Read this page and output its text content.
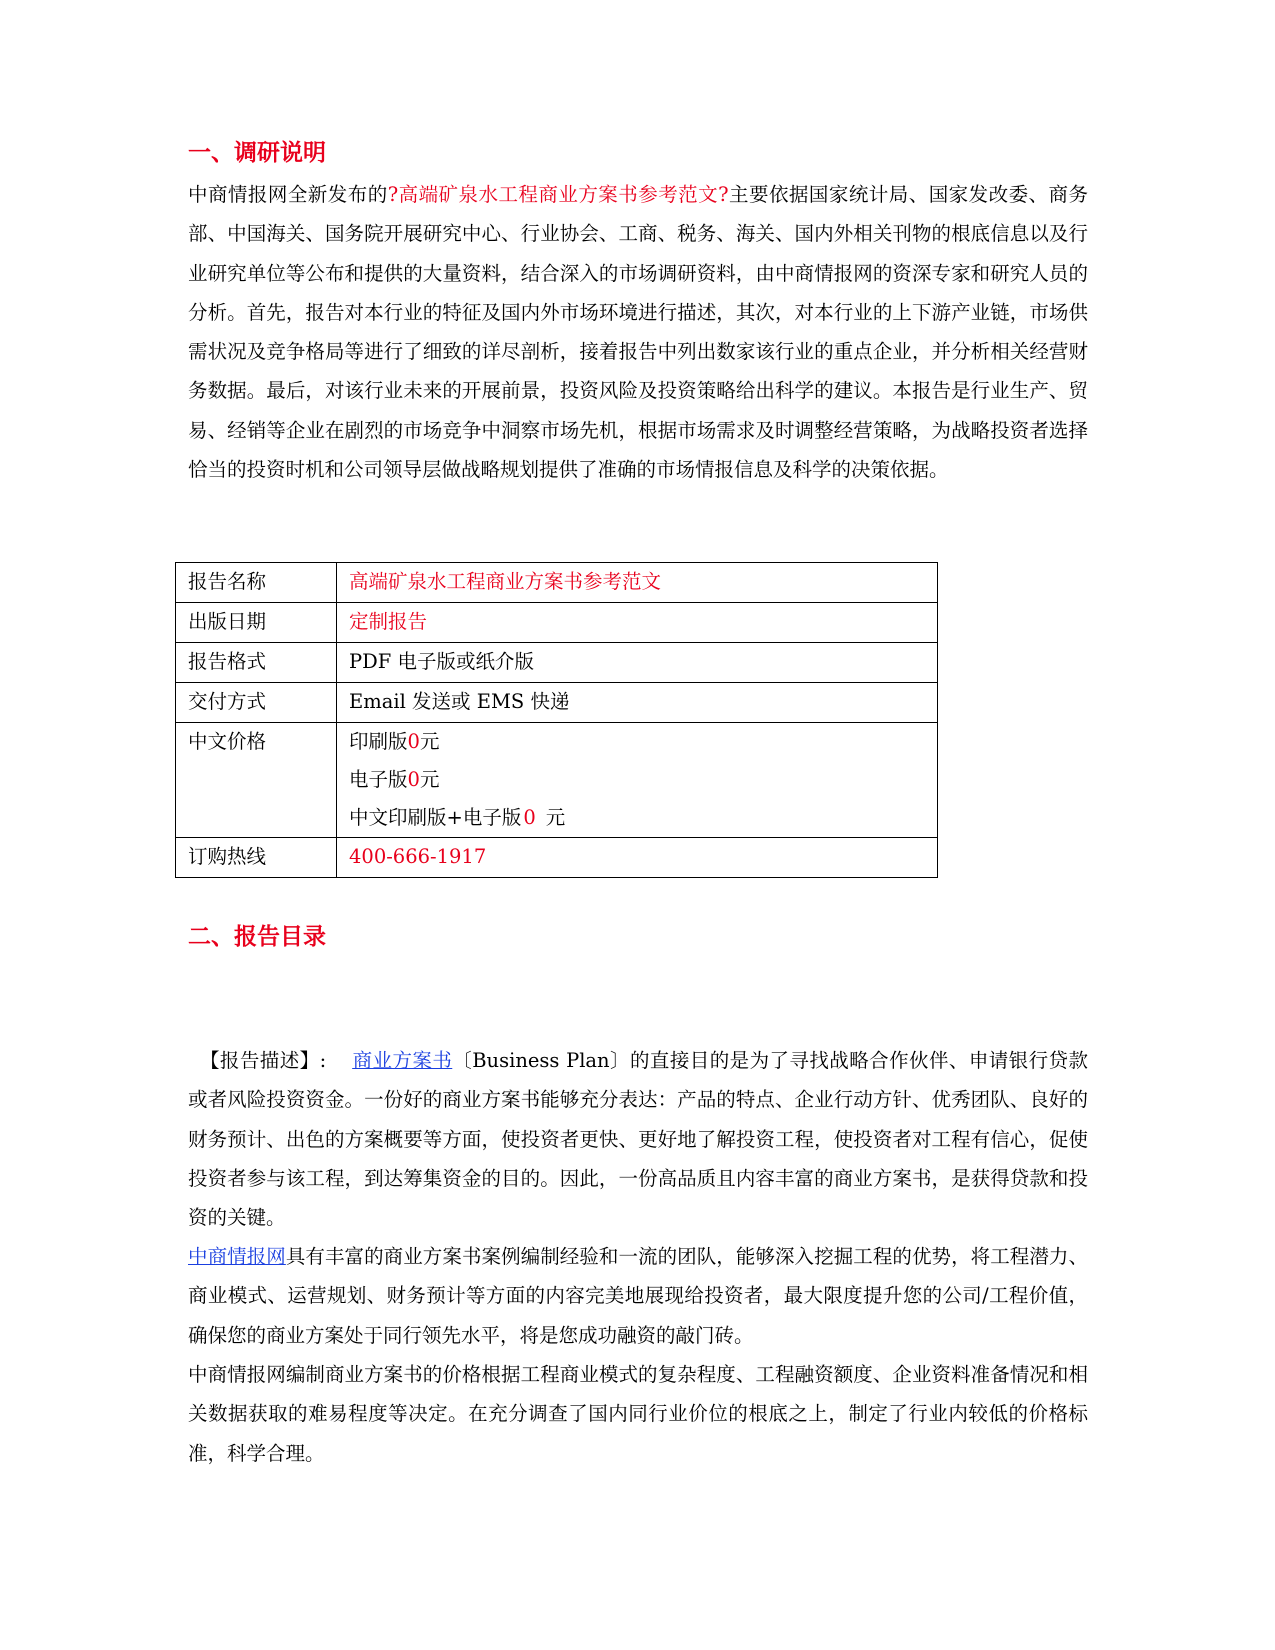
一、调研说明

中商情报网全新发布的?高端矿泉水工程商业方案书参考范文?主要依据国家统计局、国家发改委、商务部、中国海关、国务院开展研究中心、行业协会、工商、税务、海关、国内外相关刊物的根底信息以及行业研究单位等公布和提供的大量资料，结合深入的市场调研资料，由中商情报网的资深专家和研究人员的分析。首先，报告对本行业的特征及国内外市场环境进行描述，其次，对本行业的上下游产业链，市场供需状况及竞争格局等进行了细致的详尽剖析，接着报告中列出数家该行业的重点企业，并分析相关经营财务数据。最后，对该行业未来的开展前景，投资风险及投资策略给出科学的建议。本报告是行业生产、贸易、经销等企业在剧烈的市场竞争中洞察市场先机，根据市场需求及时调整经营策略，为战略投资者选择恰当的投资时机和公司领导层做战略规划提供了准确的市场情报信息及科学的决策依据。

报告名称	高端矿泉水工程商业方案书参考范文
出版日期	定制报告
报告格式	PDF 电子版或纸介版
交付方式	Email 发送或 EMS 快递
中文价格	印刷版0元
电子版0元
中文印刷版+电子版 0 元

订购热线	400-666-1917
二、报告目录

【报告描述】: 商业方案书〔Business Plan〕的直接目的是为了寻找战略合作伙伴、申请银行贷款或者风险投资资金。一份好的商业方案书能够充分表达：产品的特点、企业行动方针、优秀团队、良好的财务预计、出色的方案概要等方面，使投资者更快、更好地了解投资工程，使投资者对工程有信心，促使投资者参与该工程，到达筹集资金的目的。因此，一份高品质且内容丰富的商业方案书，是获得贷款和投资的关键。

中商情报网具有丰富的商业方案书案例编制经验和一流的团队，能够深入挖掘工程的优势，将工程潜力、商业模式、运营规划、财务预计等方面的内容完美地展现给投资者，最大限度提升您的公司/工程价值，确保您的商业方案处于同行领先水平，将是您成功融资的敲门砖。

中商情报网编制商业方案书的价格根据工程商业模式的复杂程度、工程融资额度、企业资料准备情况和相关数据获取的难易程度等决定。在充分调查了国内同行业价位的根底之上，制定了行业内较低的价格标准，科学合理。
